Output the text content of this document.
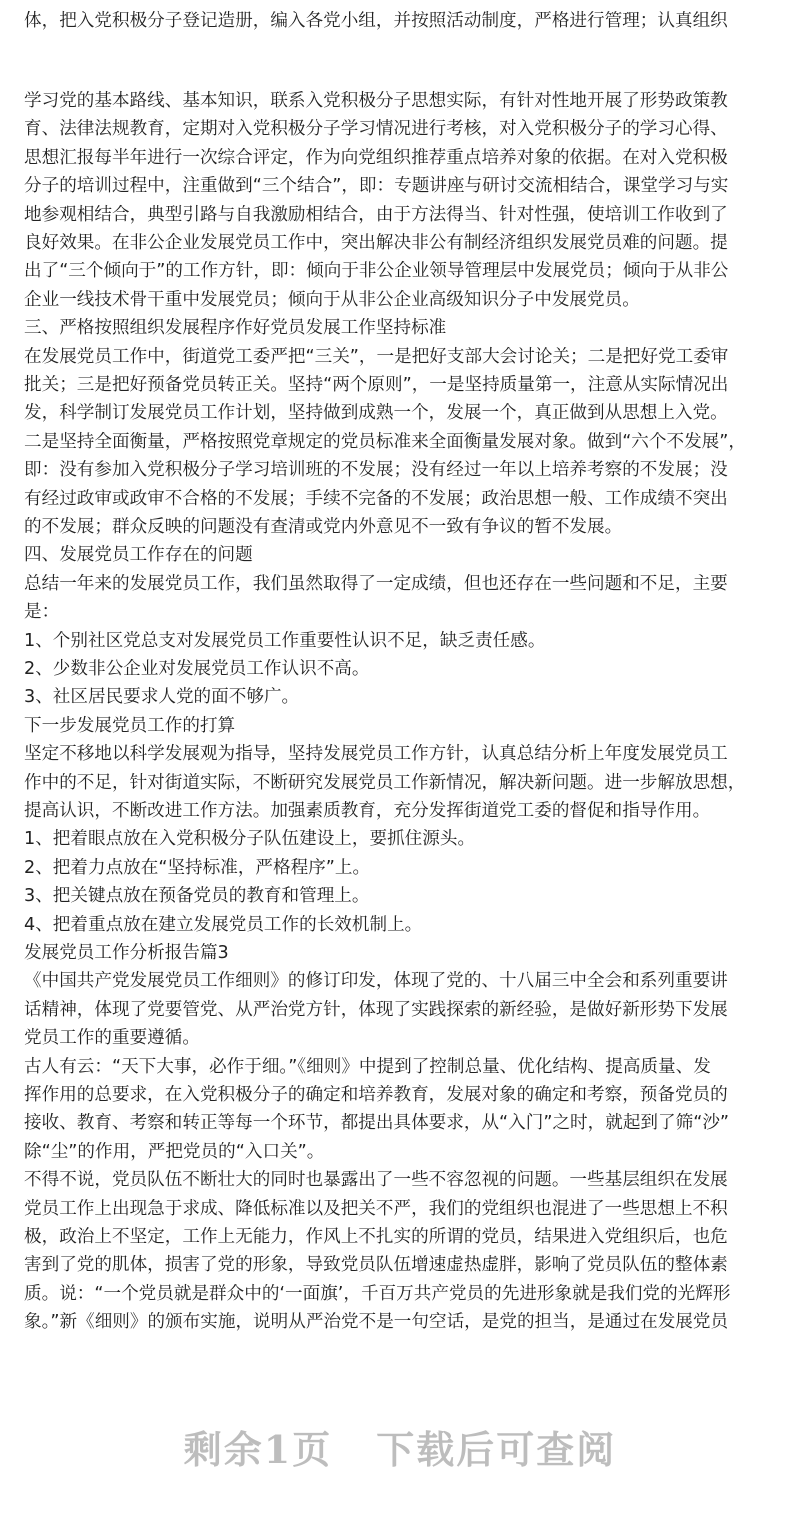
体，把入党积极分子登记造册，编入各党小组，并按照活动制度，严格进行管理；认真组织
学习党的基本路线、基本知识，联系入党积极分子思想实际，有针对性地开展了形势政策教
育、法律法规教育，定期对入党积极分子学习情况进行考核，对入党积极分子的学习心得、
思想汇报每半年进行一次综合评定，作为向党组织推荐重点培养对象的依据。在对入党积极
分子的培训过程中，注重做到“三个结合”，即：专题讲座与研讨交流相结合，课堂学习与实
地参观相结合，典型引路与自我激励相结合，由于方法得当、针对性强，使培训工作收到了
良好效果。在非公企业发展党员工作中，突出解决非公有制经济组织发展党员难的问题。提
出了“三个倾向于”的工作方针，即：倾向于非公企业领导管理层中发展党员；倾向于从非公
企业一线技术骨干重中发展党员；倾向于从非公企业高级知识分子中发展党员。
三、严格按照组织发展程序作好党员发展工作坚持标准
在发展党员工作中，街道党工委严把“三关”，一是把好支部大会讨论关；二是把好党工委审
批关；三是把好预备党员转正关。坚持“两个原则”，一是坚持质量第一，注意从实际情况出
发，科学制订发展党员工作计划，坚持做到成熟一个，发展一个，真正做到从思想上入党。
二是坚持全面衡量，严格按照党章规定的党员标准来全面衡量发展对象。做到“六个不发展”，
即：没有参加入党积极分子学习培训班的不发展；没有经过一年以上培养考察的不发展；没
有经过政审或政审不合格的不发展；手续不完备的不发展；政治思想一般、工作成绩不突出
的不发展；群众反映的问题没有查清或党内外意见不一致有争议的暂不发展。
四、发展党员工作存在的问题
总结一年来的发展党员工作，我们虽然取得了一定成绩，但也还存在一些问题和不足，主要
是：
1、个别社区党总支对发展党员工作重要性认识不足，缺乏责任感。
2、少数非公企业对发展党员工作认识不高。
3、社区居民要求人党的面不够广。
下一步发展党员工作的打算
坚定不移地以科学发展观为指导，坚持发展党员工作方针，认真总结分析上年度发展党员工
作中的不足，针对街道实际，不断研究发展党员工作新情况，解决新问题。进一步解放思想，
提高认识，不断改进工作方法。加强素质教育，充分发挥街道党工委的督促和指导作用。
1、把着眼点放在入党积极分子队伍建设上，要抓住源头。
2、把着力点放在“坚持标准，严格程序”上。
3、把关键点放在预备党员的教育和管理上。
4、把着重点放在建立发展党员工作的长效机制上。
发展党员工作分析报告篇3
《中国共产党发展党员工作细则》的修订印发，体现了党的、十八届三中全会和系列重要讲
话精神，体现了党要管党、从严治党方针，体现了实践探索的新经验，是做好新形势下发展
党员工作的重要遵循。
古人有云：“天下大事，必作于细。”《细则》中提到了控制总量、优化结构、提高质量、发
挥作用的总要求，在入党积极分子的确定和培养教育，发展对象的确定和考察，预备党员的
接收、教育、考察和转正等每一个环节，都提出具体要求，从“入门”之时，就起到了筛“沙”
除“尘”的作用，严把党员的“入口关”。
不得不说，党员队伍不断壮大的同时也暴露出了一些不容忽视的问题。一些基层组织在发展
党员工作上出现急于求成、降低标准以及把关不严，我们的党组织也混进了一些思想上不积
极，政治上不坚定，工作上无能力，作风上不扎实的所谓的党员，结果进入党组织后，也危
害到了党的肌体，损害了党的形象，导致党员队伍增速虚热虚胖，影响了党员队伍的整体素
质。说：“一个党员就是群众中的‘一面旗’，千百万共产党员的先进形象就是我们党的光辉形
象。”新《细则》的颁布实施，说明从严治党不是一句空话，是党的担当，是通过在发展党员
剩余1页 下载后可查阅
